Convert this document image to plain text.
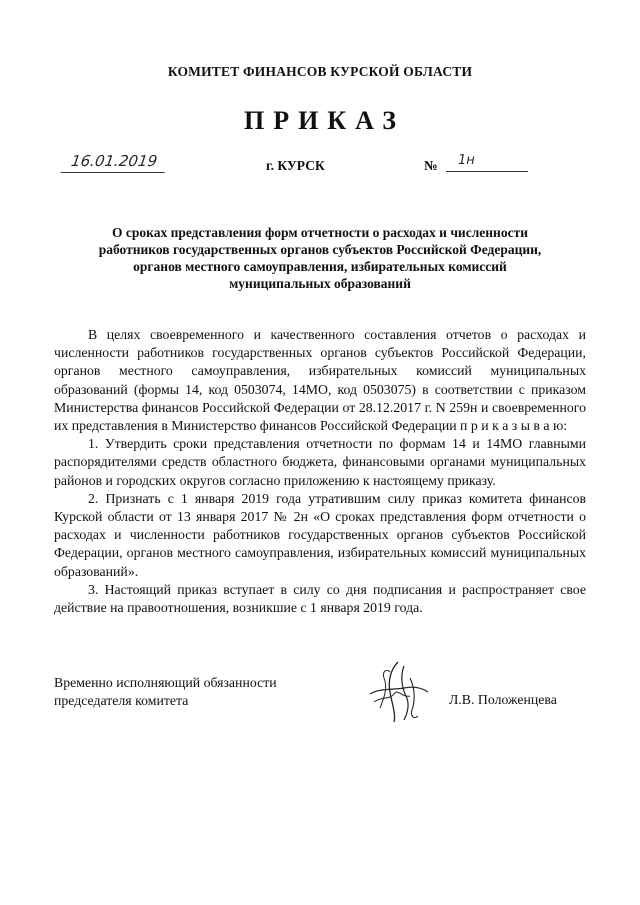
КОМИТЕТ ФИНАНСОВ КУРСКОЙ ОБЛАСТИ
ПРИКАЗ
16.01.2019	г. КУРСК	№	1н
О сроках представления форм отчетности о расходах и численности
работников государственных органов субъектов Российской Федерации,
органов местного самоуправления, избирательных комиссий
муниципальных образований

В целях своевременного и качественного составления отчетов о расходах и численности работников государственных органов субъектов Российской Федерации, органов местного самоуправления, избирательных комиссий муниципальных образований (формы 14, код 0503074, 14МО, код 0503075) в соответствии с приказом Министерства финансов Российской Федерации от 28.12.2017 г. N 259н и своевременного их представления в Министерство финансов Российской Федерации п р и к а з ы в а ю:

1. Утвердить сроки представления отчетности по формам 14 и 14МО главными распорядителями средств областного бюджета, финансовыми органами муниципальных районов и городских округов согласно приложению к настоящему приказу.

2. Признать с 1 января 2019 года утратившим силу приказ комитета финансов Курской области от 13 января 2017 № 2н «О сроках представления форм отчетности о расходах и численности работников государственных органов субъектов Российской Федерации, органов местного самоуправления, избирательных комиссий муниципальных образований».

3. Настоящий приказ вступает в силу со дня подписания и распространяет свое действие на правоотношения, возникшие с 1 января 2019 года.

Временно исполняющий обязанности
председателя комитета	Л.В. Положенцева
